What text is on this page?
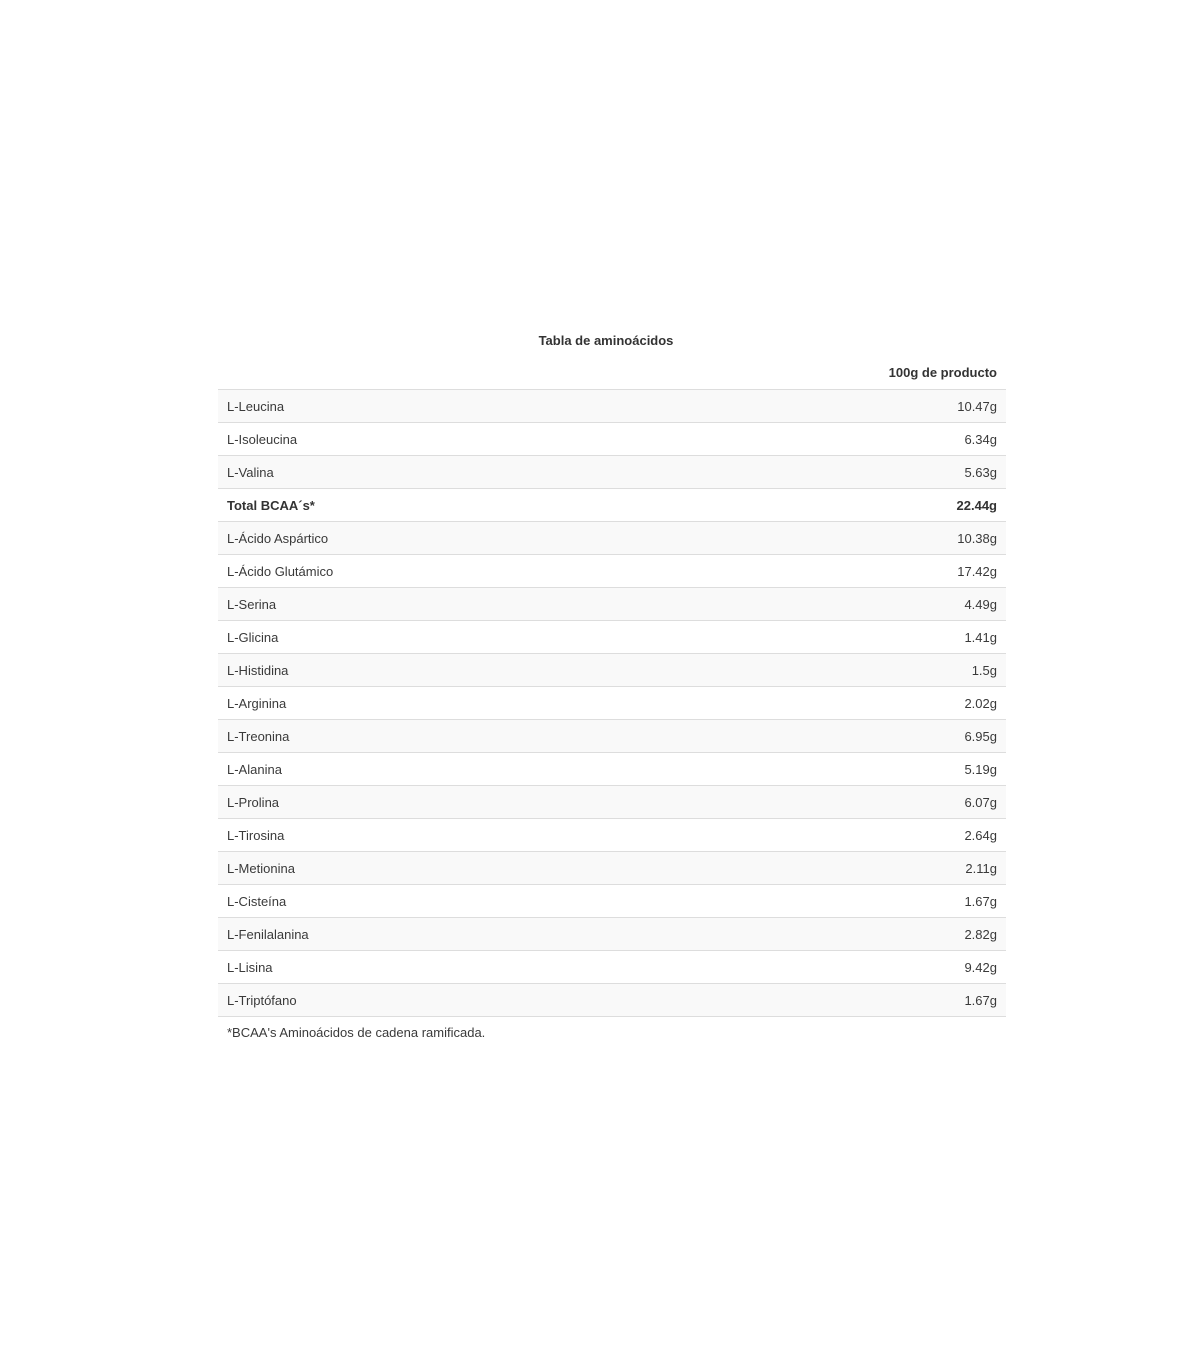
Tabla de aminoácidos
	100g de producto
L-Leucina	10.47g
L-Isoleucina	6.34g
L-Valina	5.63g
Total BCAA´s*	22.44g
L-Ácido Aspártico	10.38g
L-Ácido Glutámico	17.42g
L-Serina	4.49g
L-Glicina	1.41g
L-Histidina	1.5g
L-Arginina	2.02g
L-Treonina	6.95g
L-Alanina	5.19g
L-Prolina	6.07g
L-Tirosina	2.64g
L-Metionina	2.11g
L-Cisteína	1.67g
L-Fenilalanina	2.82g
L-Lisina	9.42g
L-Triptófano	1.67g
*BCAA's Aminoácidos de cadena ramificada.
